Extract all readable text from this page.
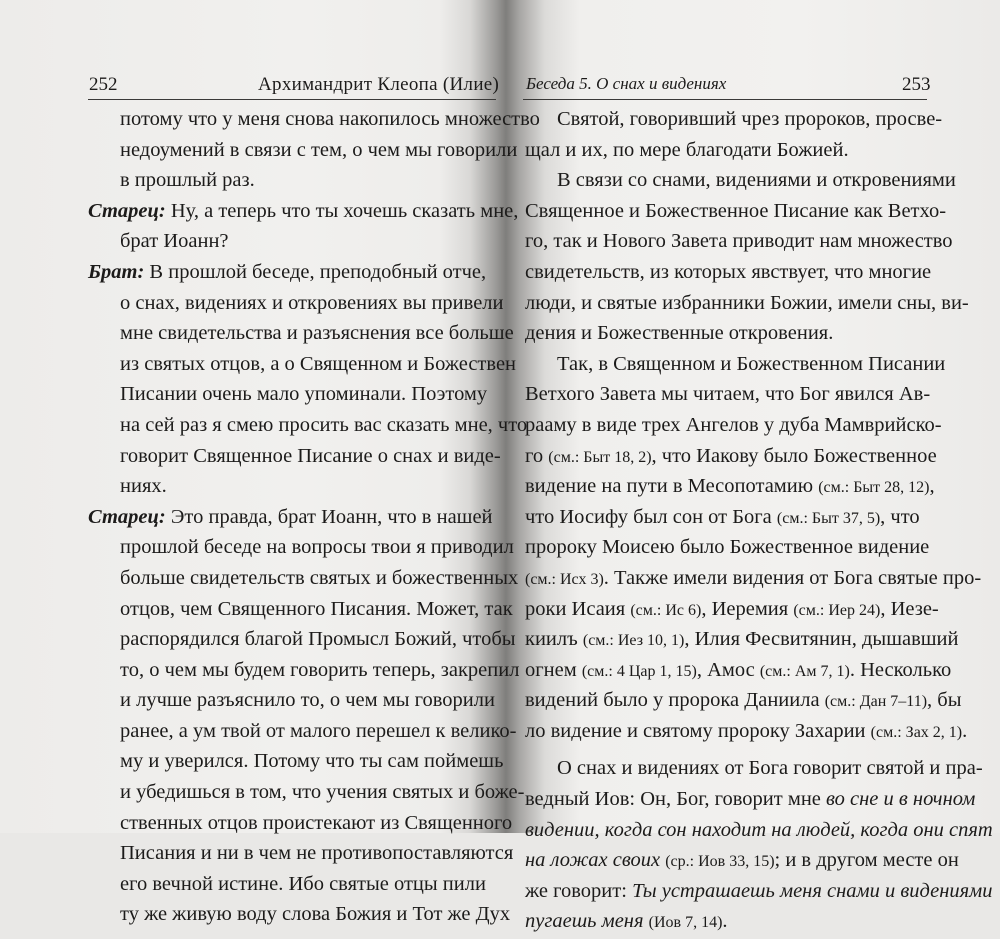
252	Архимандрит Клеопа (Илие)
потому что у меня снова накопилось множество
недоумений в связи с тем, о чем мы говорили
в прошлый раз.
Старец: Ну, а теперь что ты хочешь сказать мне,
брат Иоанн?
Брат: В прошлой беседе, преподобный отче,
о снах, видениях и откровениях вы привели
мне свидетельства и разъяснения все больше
из святых отцов, а о Священном и Божествен
Писании очень мало упоминали. Поэтому
на сей раз я смею просить вас сказать мне, что
говорит Священное Писание о снах и виде-
ниях.
Старец: Это правда, брат Иоанн, что в нашей
прошлой беседе на вопросы твои я приводил
больше свидетельств святых и божественных
отцов, чем Священного Писания. Может, так
распорядился благой Промысл Божий, чтобы
то, о чем мы будем говорить теперь, закрепил
и лучше разъяснило то, о чем мы говорили
ранее, а ум твой от малого перешел к велико-
му и уверился. Потому что ты сам поймешь
и убедишься в том, что учения святых и боже-
ственных отцов проистекают из Священного
Писания и ни в чем не противопоставляются
его вечной истине. Ибо святые отцы пили
ту же живую воду слова Божия и Тот же Дух
Беседа 5. О снах и видениях	253
Святой, говоривший чрез пророков, просве-
щал и их, по мере благодати Божией.
В связи со снами, видениями и откровениями
Священное и Божественное Писание как Ветхо-
го, так и Нового Завета приводит нам множество
свидетельств, из которых явствует, что многие
люди, и святые избранники Божии, имели сны, ви-
дения и Божественные откровения.
Так, в Священном и Божественном Писании
Ветхого Завета мы читаем, что Бог явился Ав-
рааму в виде трех Ангелов у дуба Мамврийско-
го (см.: Быт 18, 2), что Иакову было Божественное
видение на пути в Месопотамию (см.: Быт 28, 12),
что Иосифу был сон от Бога (см.: Быт 37, 5), что
пророку Моисею было Божественное видение
(см.: Исх 3). Также имели видения от Бога святые про-
роки Исаия (см.: Ис 6), Иеремия (см.: Иер 24), Иезе-
киилъ (см.: Иез 10, 1), Илия Фесвитянин, дышавший
огнем (см.: 4 Цар 1, 15), Амос (см.: Ам 7, 1). Несколько
видений было у пророка Даниила (см.: Дан 7–11), бы
ло видение и святому пророку Захарии (см.: Зах 2, 1).
О снах и видениях от Бога говорит святой и пра-
ведный Иов: Он, Бог, говорит мне во сне и в ночном
видении, когда сон находит на людей, когда они спят
на ложах своих (ср.: Иов 33, 15); и в другом месте он
же говорит: Ты устрашаешь меня снами и видениями
пугаешь меня (Иов 7, 14).
